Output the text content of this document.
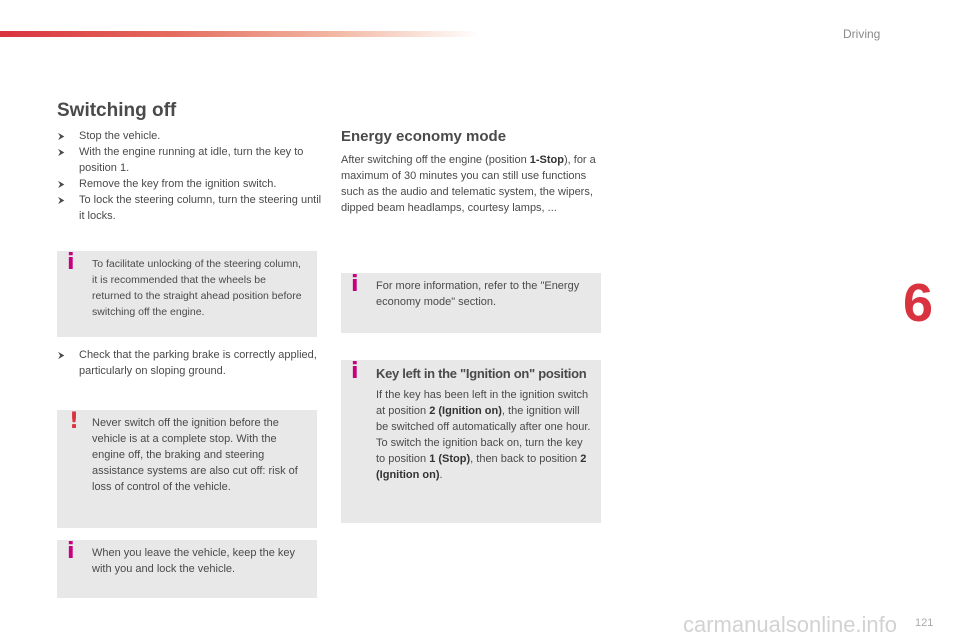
Driving
6
121
carmanualsonline.info
Switching off
⮞ Stop the vehicle.
⮞ With the engine running at idle, turn the key to position 1.
⮞ Remove the key from the ignition switch.
⮞ To lock the steering column, turn the steering until it locks.
i To facilitate unlocking of the steering column, it is recommended that the wheels be returned to the straight ahead position before switching off the engine.
⮞ Check that the parking brake is correctly applied, particularly on sloping ground.
! Never switch off the ignition before the vehicle is at a complete stop. With the engine off, the braking and steering assistance systems are also cut off: risk of loss of control of the vehicle.
i When you leave the vehicle, keep the key with you and lock the vehicle.
Energy economy mode
After switching off the engine (position 1-Stop), for a maximum of 30 minutes you can still use functions such as the audio and telematic system, the wipers, dipped beam headlamps, courtesy lamps, ...
i For more information, refer to the "Energy economy mode" section.
i Key left in the "Ignition on" position
If the key has been left in the ignition switch at position 2 (Ignition on), the ignition will be switched off automatically after one hour.
To switch the ignition back on, turn the key to position 1 (Stop), then back to position 2 (Ignition on).
